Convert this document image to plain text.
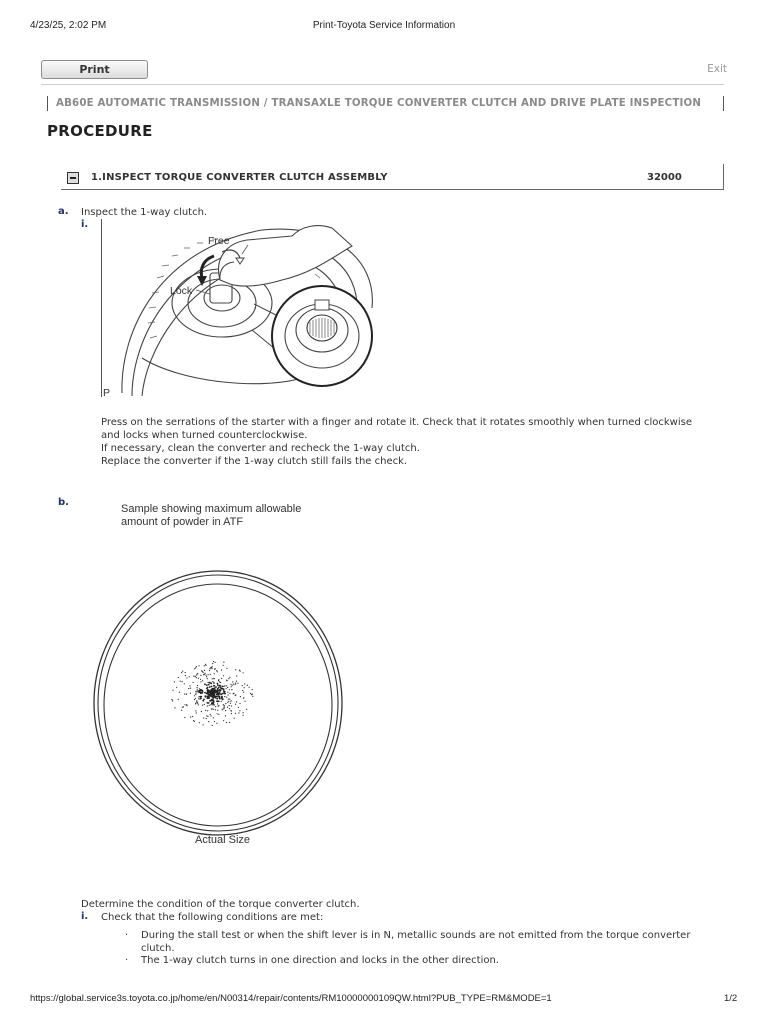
4/23/25, 2:02 PM	Print-Toyota Service Information
Print	Exit
AB60E AUTOMATIC TRANSMISSION / TRANSAXLE TORQUE CONVERTER CLUTCH AND DRIVE PLATE INSPECTION
PROCEDURE
1.INSPECT TORQUE CONVERTER CLUTCH ASSEMBLY	32000
a. Inspect the 1-way clutch.
i.
Free
Lock
P
Press on the serrations of the starter with a finger and rotate it. Check that it rotates smoothly when turned clockwise
and locks when turned counterclockwise.
If necessary, clean the converter and recheck the 1-way clutch.
Replace the converter if the 1-way clutch still fails the check.
b.
Sample showing maximum allowable
amount of powder in ATF
Actual Size
Determine the condition of the torque converter clutch.
i. Check that the following conditions are met:
· During the stall test or when the shift lever is in N, metallic sounds are not emitted from the torque converter
clutch.
· The 1-way clutch turns in one direction and locks in the other direction.
https://global.service3s.toyota.co.jp/home/en/N00314/repair/contents/RM10000000109QW.html?PUB_TYPE=RM&MODE=1	1/2
